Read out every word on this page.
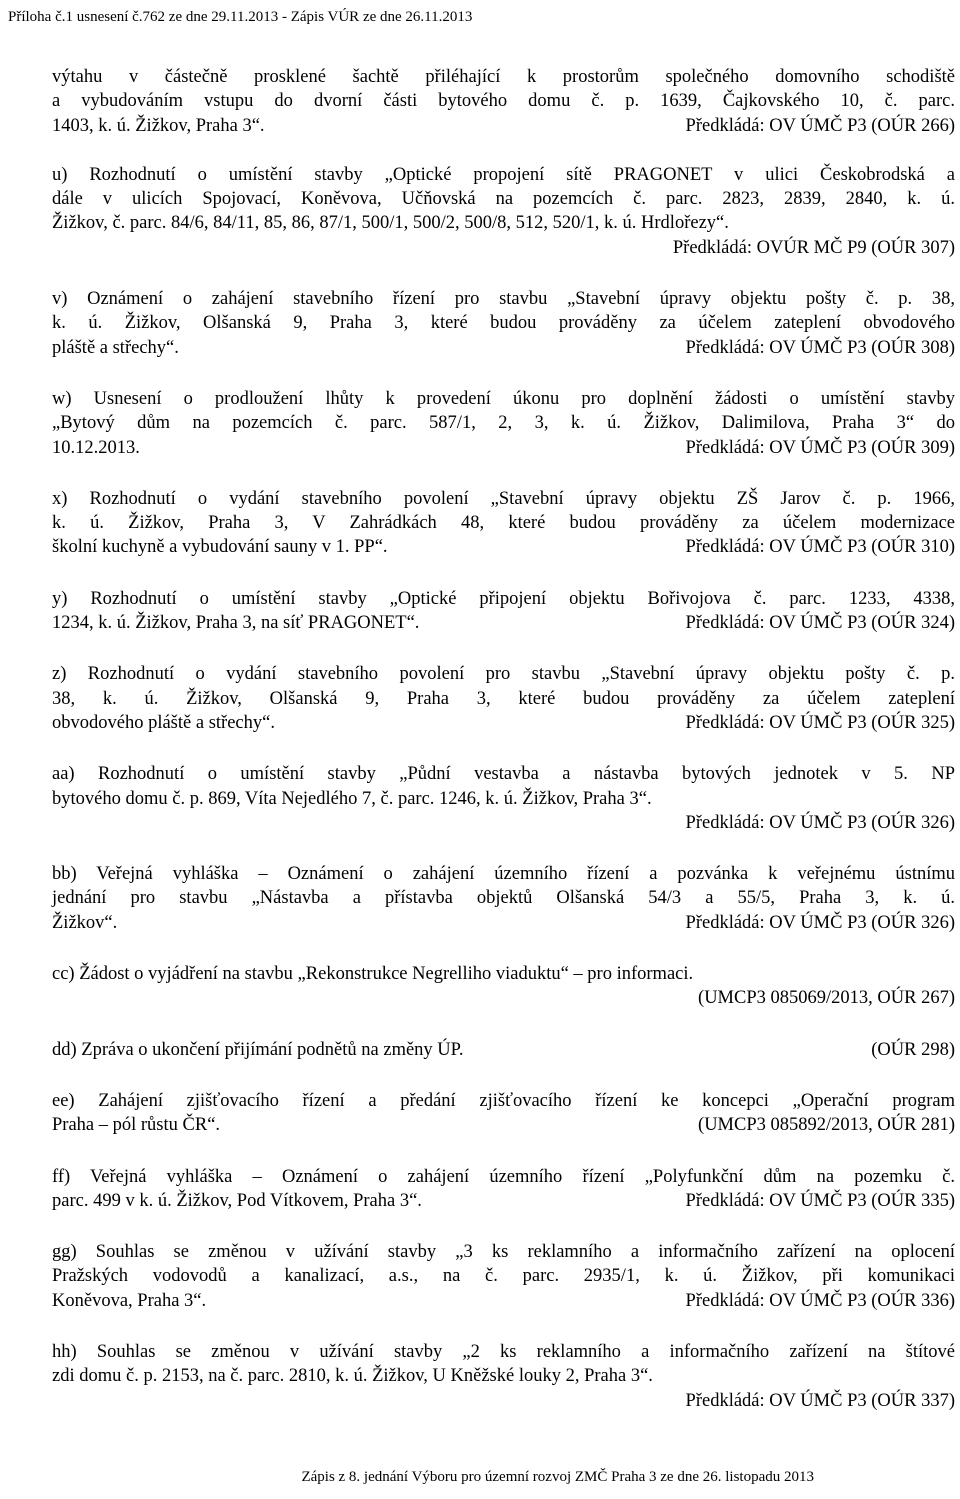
Příloha č.1 usnesení č.762 ze dne 29.11.2013 - Zápis VÚR ze dne 26.11.2013
výtahu v částečně prosklené šachtě přiléhající k prostorům společného domovního schodiště
a vybudováním vstupu do dvorní části bytového domu č. p. 1639, Čajkovského 10, č. parc.
1403, k. ú. Žižkov, Praha 3“.	Předkládá: OV ÚMČ P3 (OÚR 266)
u) Rozhodnutí o umístění stavby „Optické propojení sítě PRAGONET v ulici Českobrodská a
dále v ulicích Spojovací, Koněvova, Učňovská na pozemcích č. parc. 2823, 2839, 2840, k. ú.
Žižkov, č. parc. 84/6, 84/11, 85, 86, 87/1, 500/1, 500/2, 500/8, 512, 520/1, k. ú. Hrdlořezy“.
Předkládá: OVÚR MČ P9 (OÚR 307)
v) Oznámení o zahájení stavebního řízení pro stavbu „Stavební úpravy objektu pošty č. p. 38,
k. ú. Žižkov, Olšanská 9, Praha 3, které budou prováděny za účelem zateplení obvodového
pláště a střechy“.	Předkládá: OV ÚMČ P3 (OÚR 308)
w) Usnesení o prodloužení lhůty k provedení úkonu pro doplnění žádosti o umístění stavby
„Bytový dům na pozemcích č. parc. 587/1, 2, 3, k. ú. Žižkov, Dalimilova, Praha 3“ do
10.12.2013.	Předkládá: OV ÚMČ P3 (OÚR 309)
x) Rozhodnutí o vydání stavebního povolení „Stavební úpravy objektu ZŠ Jarov č. p. 1966,
k. ú. Žižkov, Praha 3, V Zahrádkách 48, které budou prováděny za účelem modernizace
školní kuchyně a vybudování sauny v 1. PP“.	Předkládá: OV ÚMČ P3 (OÚR 310)
y) Rozhodnutí o umístění stavby „Optické připojení objektu Bořivojova č. parc. 1233, 4338,
1234, k. ú. Žižkov, Praha 3, na síť PRAGONET“.	Předkládá: OV ÚMČ P3 (OÚR 324)
z) Rozhodnutí o vydání stavebního povolení pro stavbu „Stavební úpravy objektu pošty č. p.
38, k. ú. Žižkov, Olšanská 9, Praha 3, které budou prováděny za účelem zateplení
obvodového pláště a střechy“.	Předkládá: OV ÚMČ P3 (OÚR 325)
aa) Rozhodnutí o umístění stavby „Půdní vestavba a nástavba bytových jednotek v 5. NP
bytového domu č. p. 869, Víta Nejedlého 7, č. parc. 1246, k. ú. Žižkov, Praha 3“.
Předkládá: OV ÚMČ P3 (OÚR 326)
bb) Veřejná vyhláška – Oznámení o zahájení územního řízení a pozvánka k veřejnému ústnímu
jednání pro stavbu „Nástavba a přístavba objektů Olšanská 54/3 a 55/5, Praha 3, k. ú.
Žižkov“.	Předkládá: OV ÚMČ P3 (OÚR 326)
cc) Žádost o vyjádření na stavbu „Rekonstrukce Negrelliho viaduktu“ – pro informaci.
(UMCP3 085069/2013, OÚR 267)
dd) Zpráva o ukončení přijímání podnětů na změny ÚP.	(OÚR 298)
ee) Zahájení zjišťovacího řízení a předání zjišťovacího řízení ke koncepci „Operační program
Praha – pól růstu ČR“.	(UMCP3 085892/2013, OÚR 281)
ff) Veřejná vyhláška – Oznámení o zahájení územního řízení „Polyfunkční dům na pozemku č.
parc. 499 v k. ú. Žižkov, Pod Vítkovem, Praha 3“.	Předkládá: OV ÚMČ P3 (OÚR 335)
gg) Souhlas se změnou v užívání stavby „3 ks reklamního a informačního zařízení na oplocení
Pražských vodovodů a kanalizací, a.s., na č. parc. 2935/1, k. ú. Žižkov, při komunikaci
Koněvova, Praha 3“.	Předkládá: OV ÚMČ P3 (OÚR 336)
hh) Souhlas se změnou v užívání stavby „2 ks reklamního a informačního zařízení na štítové
zdi domu č. p. 2153, na č. parc. 2810, k. ú. Žižkov, U Kněžské louky 2, Praha 3“.
Předkládá: OV ÚMČ P3 (OÚR 337)
Zápis z 8. jednání Výboru pro územní rozvoj ZMČ Praha 3 ze dne 26. listopadu 2013
